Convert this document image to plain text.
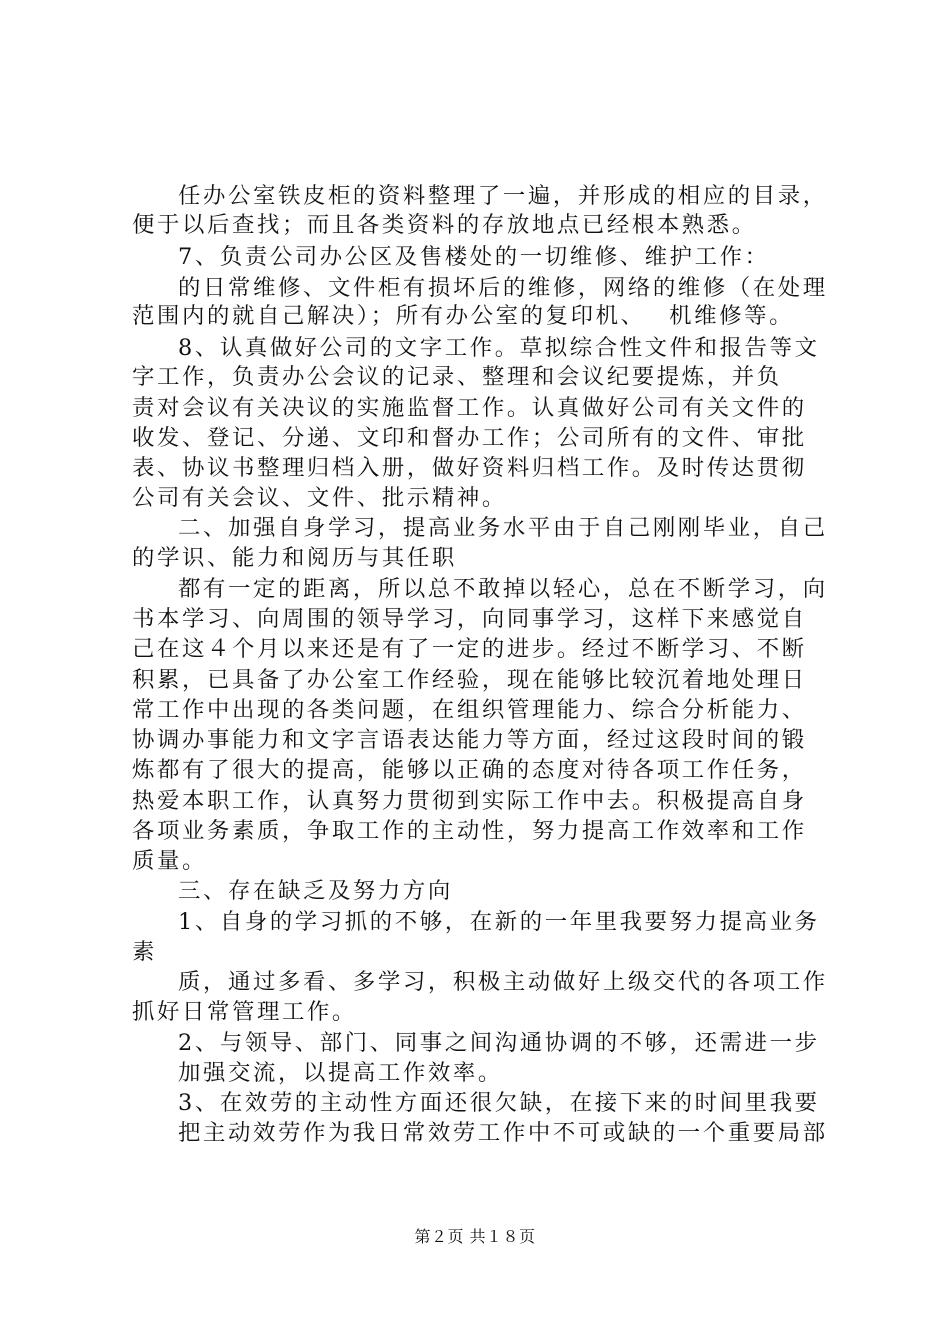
任办公室铁皮柜的资料整理了一遍，并形成的相应的目录，
便于以后查找；而且各类资料的存放地点已经根本熟悉。
7、负责公司办公区及售楼处的一切维修、维护工作：
的日常维修、文件柜有损坏后的维修，网络的维修（在处理
范围内的就自己解决）；所有办公室的复印机、　 机维修等。
8、认真做好公司的文字工作。草拟综合性文件和报告等文
字工作，负责办公会议的记录、整理和会议纪要提炼，并负
责对会议有关决议的实施监督工作。认真做好公司有关文件的
收发、登记、分递、文印和督办工作；公司所有的文件、审批
表、协议书整理归档入册，做好资料归档工作。及时传达贯彻
公司有关会议、文件、批示精神。
二、加强自身学习，提高业务水平由于自己刚刚毕业，自己
的学识、能力和阅历与其任职
都有一定的距离，所以总不敢掉以轻心，总在不断学习，向
书本学习、向周围的领导学习，向同事学习，这样下来感觉自
己在这４个月以来还是有了一定的进步。经过不断学习、不断
积累，已具备了办公室工作经验，现在能够比较沉着地处理日
常工作中出现的各类问题，在组织管理能力、综合分析能力、
协调办事能力和文字言语表达能力等方面，经过这段时间的锻
炼都有了很大的提高，能够以正确的态度对待各项工作任务，
热爱本职工作，认真努力贯彻到实际工作中去。积极提高自身
各项业务素质，争取工作的主动性，努力提高工作效率和工作
质量。
三、存在缺乏及努力方向
1、自身的学习抓的不够，在新的一年里我要努力提高业务
素
质，通过多看、多学习，积极主动做好上级交代的各项工作
抓好日常管理工作。
2、与领导、部门、同事之间沟通协调的不够，还需进一步
加强交流，以提高工作效率。
3、在效劳的主动性方面还很欠缺，在接下来的时间里我要
把主动效劳作为我日常效劳工作中不可或缺的一个重要局部
第２页 共１８页
